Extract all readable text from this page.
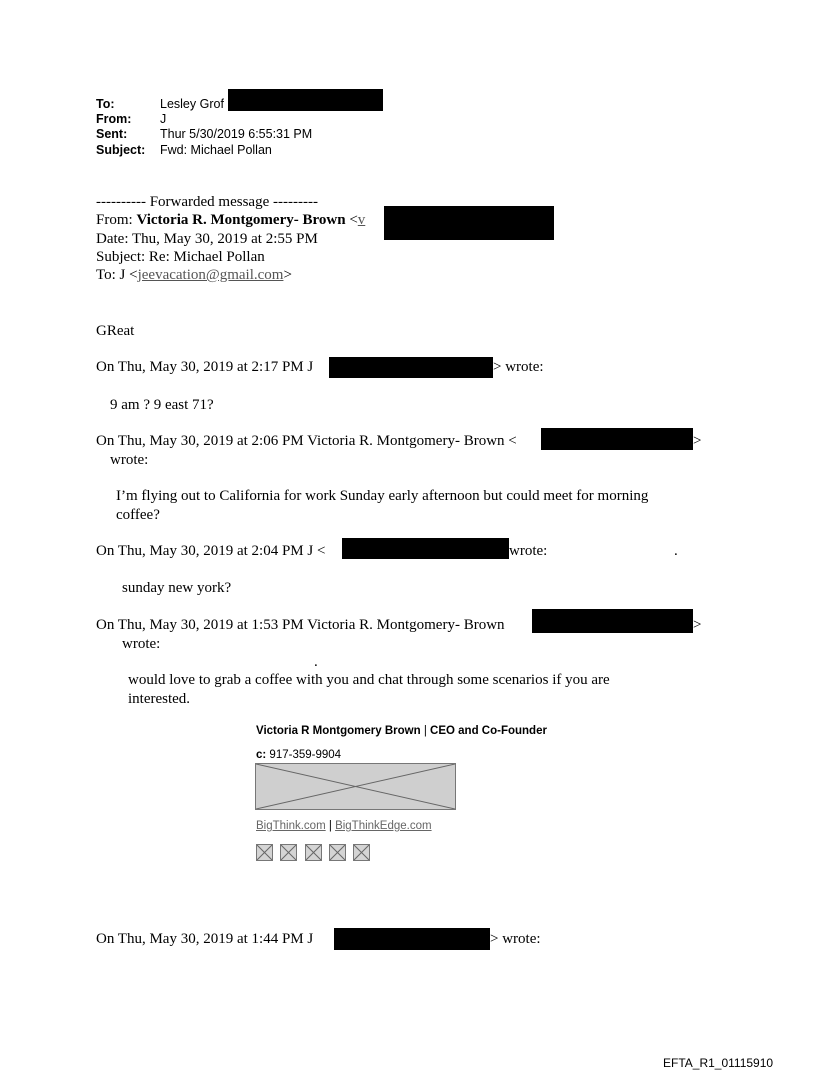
To:	Lesley Grof
From: J
Sent:	Thur 5/30/2019 6:55:31 PM
Subject: Fwd: Michael Pollan
---------- Forwarded message ---------
From: Victoria R. Montgomery- Brown <v
Date: Thu, May 30, 2019 at 2:55 PM
Subject: Re: Michael Pollan
To: J <jeevacation@gmail.com>
GReat
On Thu, May 30, 2019 at 2:17 PM J	> wrote:
9 am ? 9 east 71?
On Thu, May 30, 2019 at 2:06 PM Victoria R. Montgomery- Brown <	>
wrote:
I’m flying out to California for work Sunday early afternoon but could meet for morning
coffee?
On Thu, May 30, 2019 at 2:04 PM J <	wrote:	.
sunday new york?
On Thu, May 30, 2019 at 1:53 PM Victoria R. Montgomery- Brown	>
wrote:
.
would love to grab a coffee with you and chat through some scenarios if you are
interested.
Victoria R Montgomery Brown | CEO and Co-Founder
c: 917-359-9904
BigThink.com | BigThinkEdge.com
On Thu, May 30, 2019 at 1:44 PM J	> wrote:
EFTA_R1_01115910
